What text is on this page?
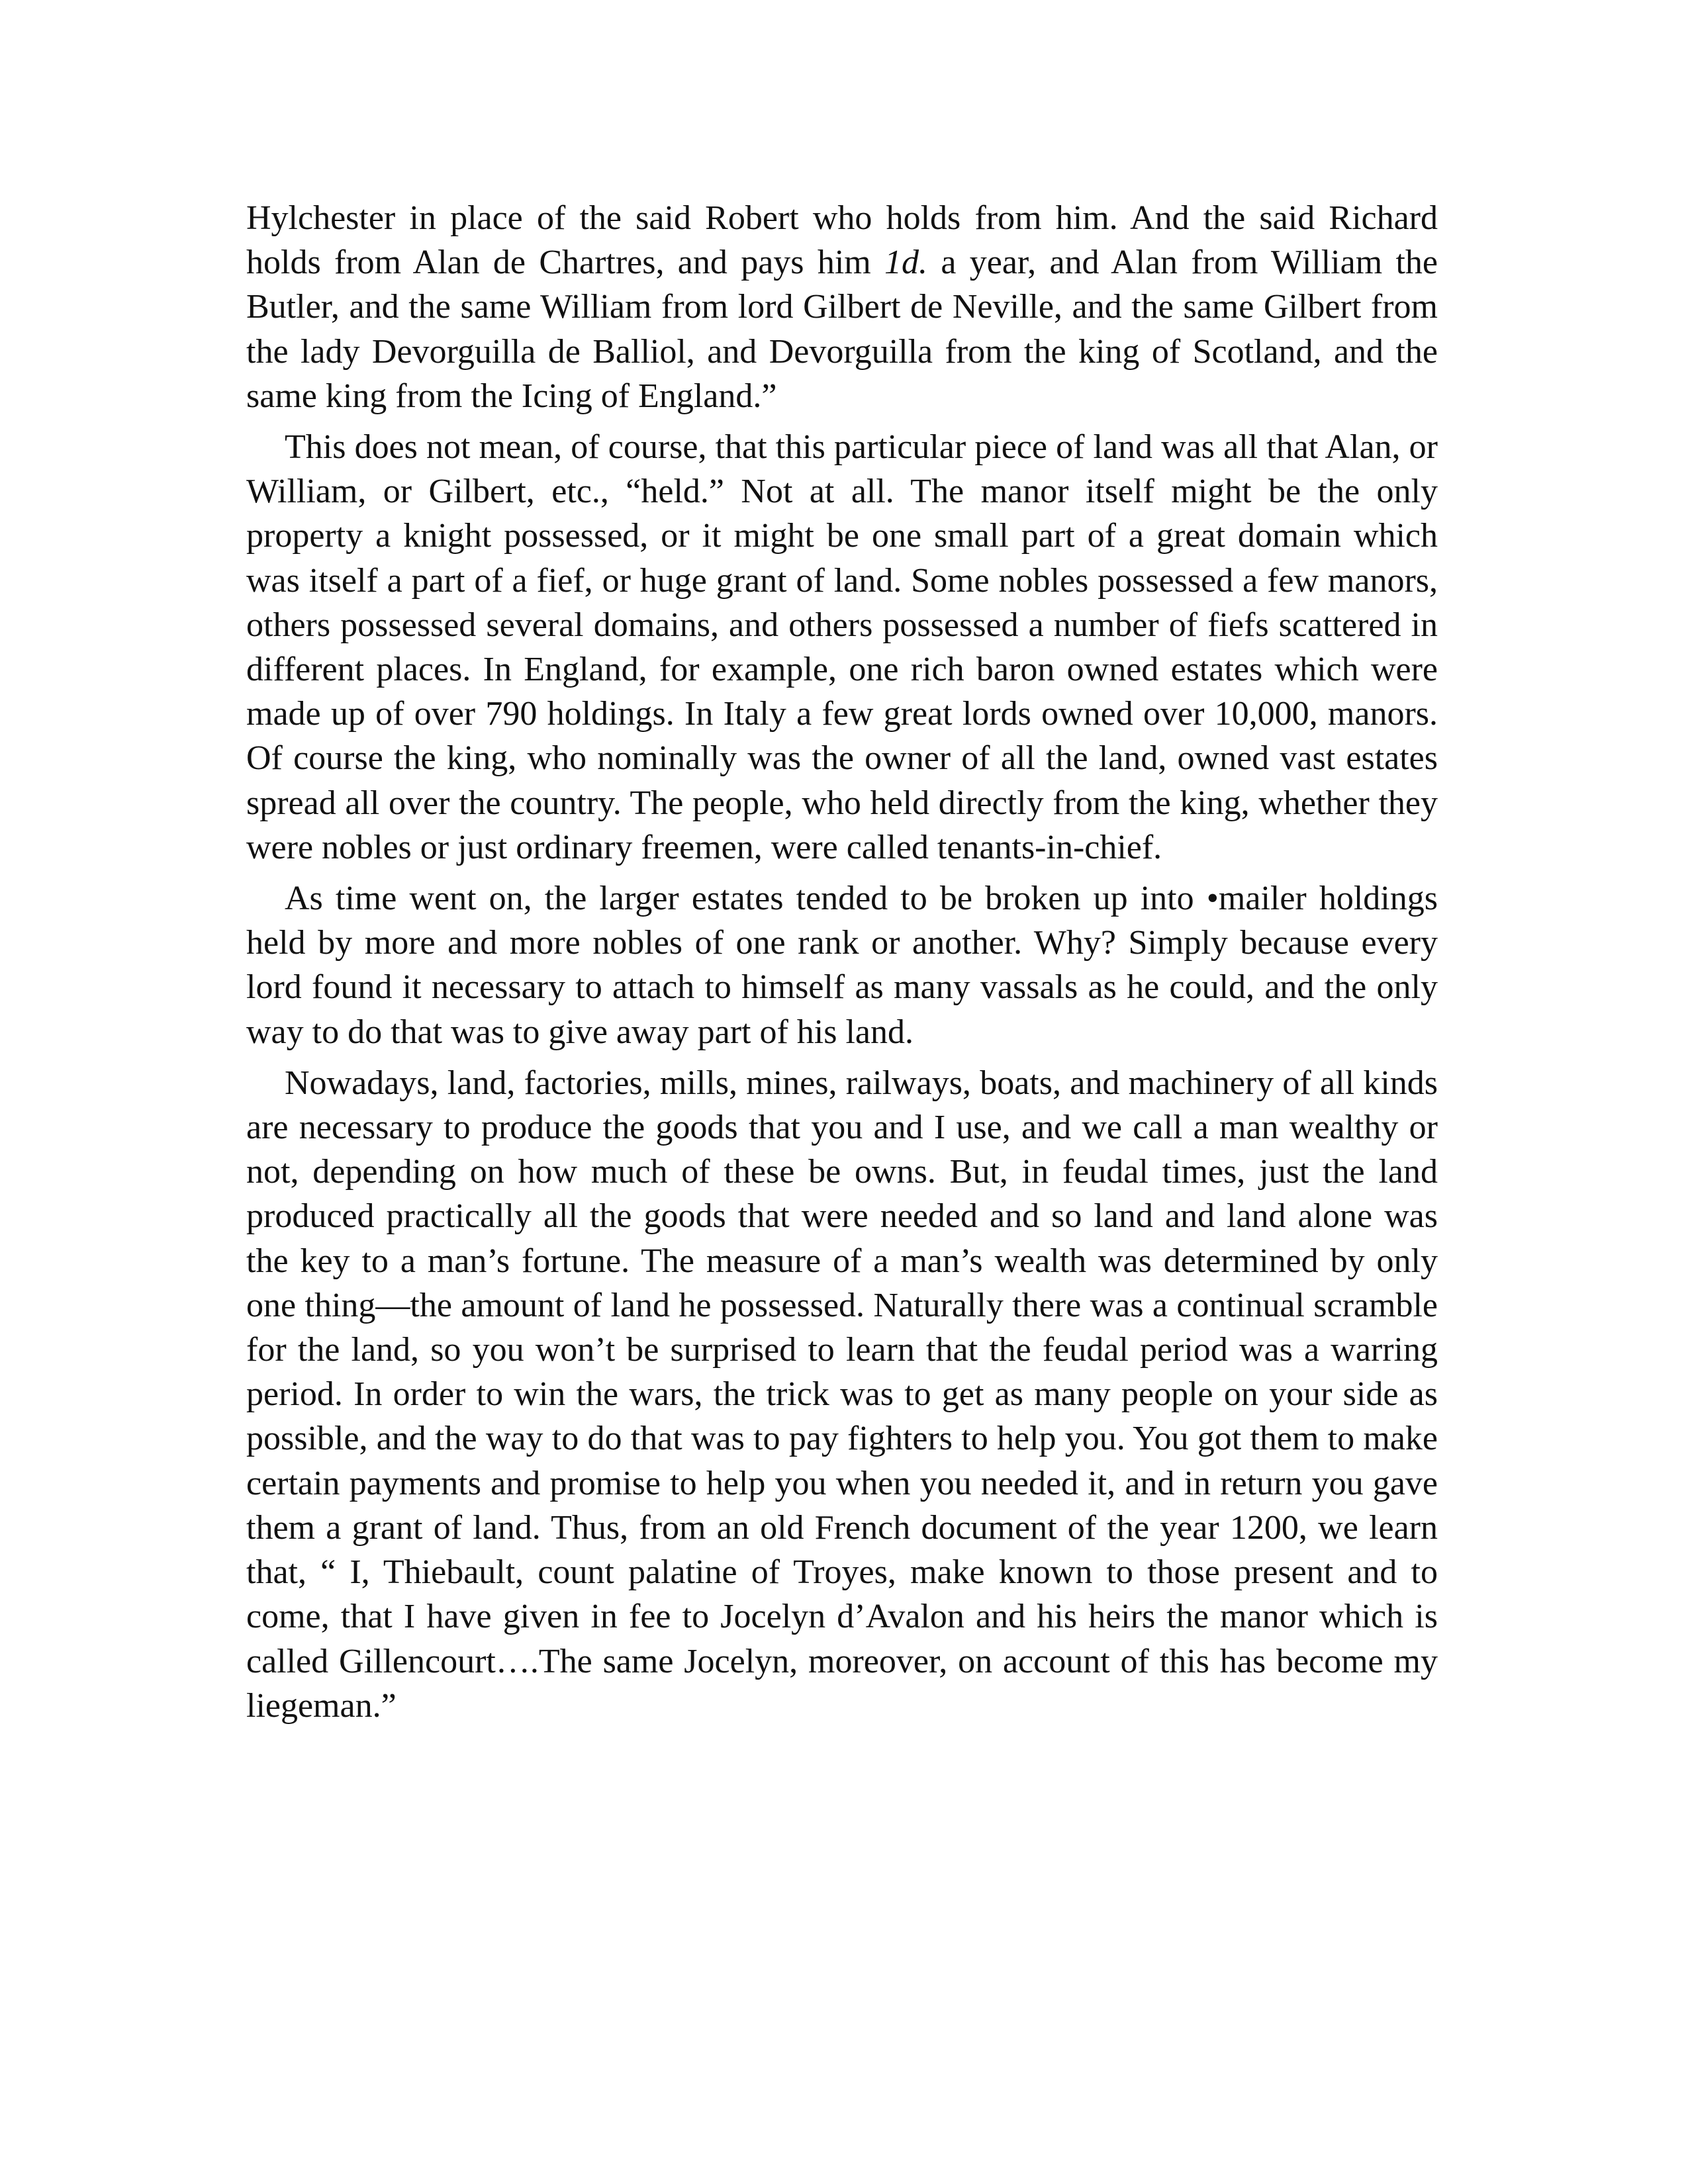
Hylchester in place of the said Robert who holds from him. And the said Richard holds from Alan de Chartres, and pays him 1d. a year, and Alan from William the Butler, and the same William from lord Gilbert de Neville, and the same Gilbert from the lady Devorguilla de Balliol, and Devorguilla from the king of Scotland, and the same king from the Icing of England.”

This does not mean, of course, that this particular piece of land was all that Alan, or William, or Gilbert, etc., “held.” Not at all. The manor itself might be the only property a knight possessed, or it might be one small part of a great domain which was itself a part of a fief, or huge grant of land. Some nobles possessed a few manors, others possessed several domains, and others possessed a number of fiefs scattered in different places. In England, for example, one rich baron owned estates which were made up of over 790 holdings. In Italy a few great lords owned over 10,000, manors. Of course the king, who nominally was the owner of all the land, owned vast estates spread all over the country. The people, who held directly from the king, whether they were nobles or just ordinary freemen, were called tenants-in-chief.

As time went on, the larger estates tended to be broken up into •mailer holdings held by more and more nobles of one rank or another. Why? Simply because every lord found it necessary to attach to himself as many vassals as he could, and the only way to do that was to give away part of his land.

Nowadays, land, factories, mills, mines, railways, boats, and machinery of all kinds are necessary to produce the goods that you and I use, and we call a man wealthy or not, depending on how much of these be owns. But, in feudal times, just the land produced practically all the goods that were needed and so land and land alone was the key to a man’s fortune. The measure of a man’s wealth was determined by only one thing—the amount of land he possessed. Naturally there was a continual scramble for the land, so you won’t be surprised to learn that the feudal period was a warring period. In order to win the wars, the trick was to get as many people on your side as possible, and the way to do that was to pay fighters to help you. You got them to make certain payments and promise to help you when you needed it, and in return you gave them a grant of land. Thus, from an old French document of the year 1200, we learn that, “ I, Thiebault, count palatine of Troyes, make known to those present and to come, that I have given in fee to Jocelyn d’Avalon and his heirs the manor which is called Gillencourt….The same Jocelyn, moreover, on account of this has become my liegeman.”
